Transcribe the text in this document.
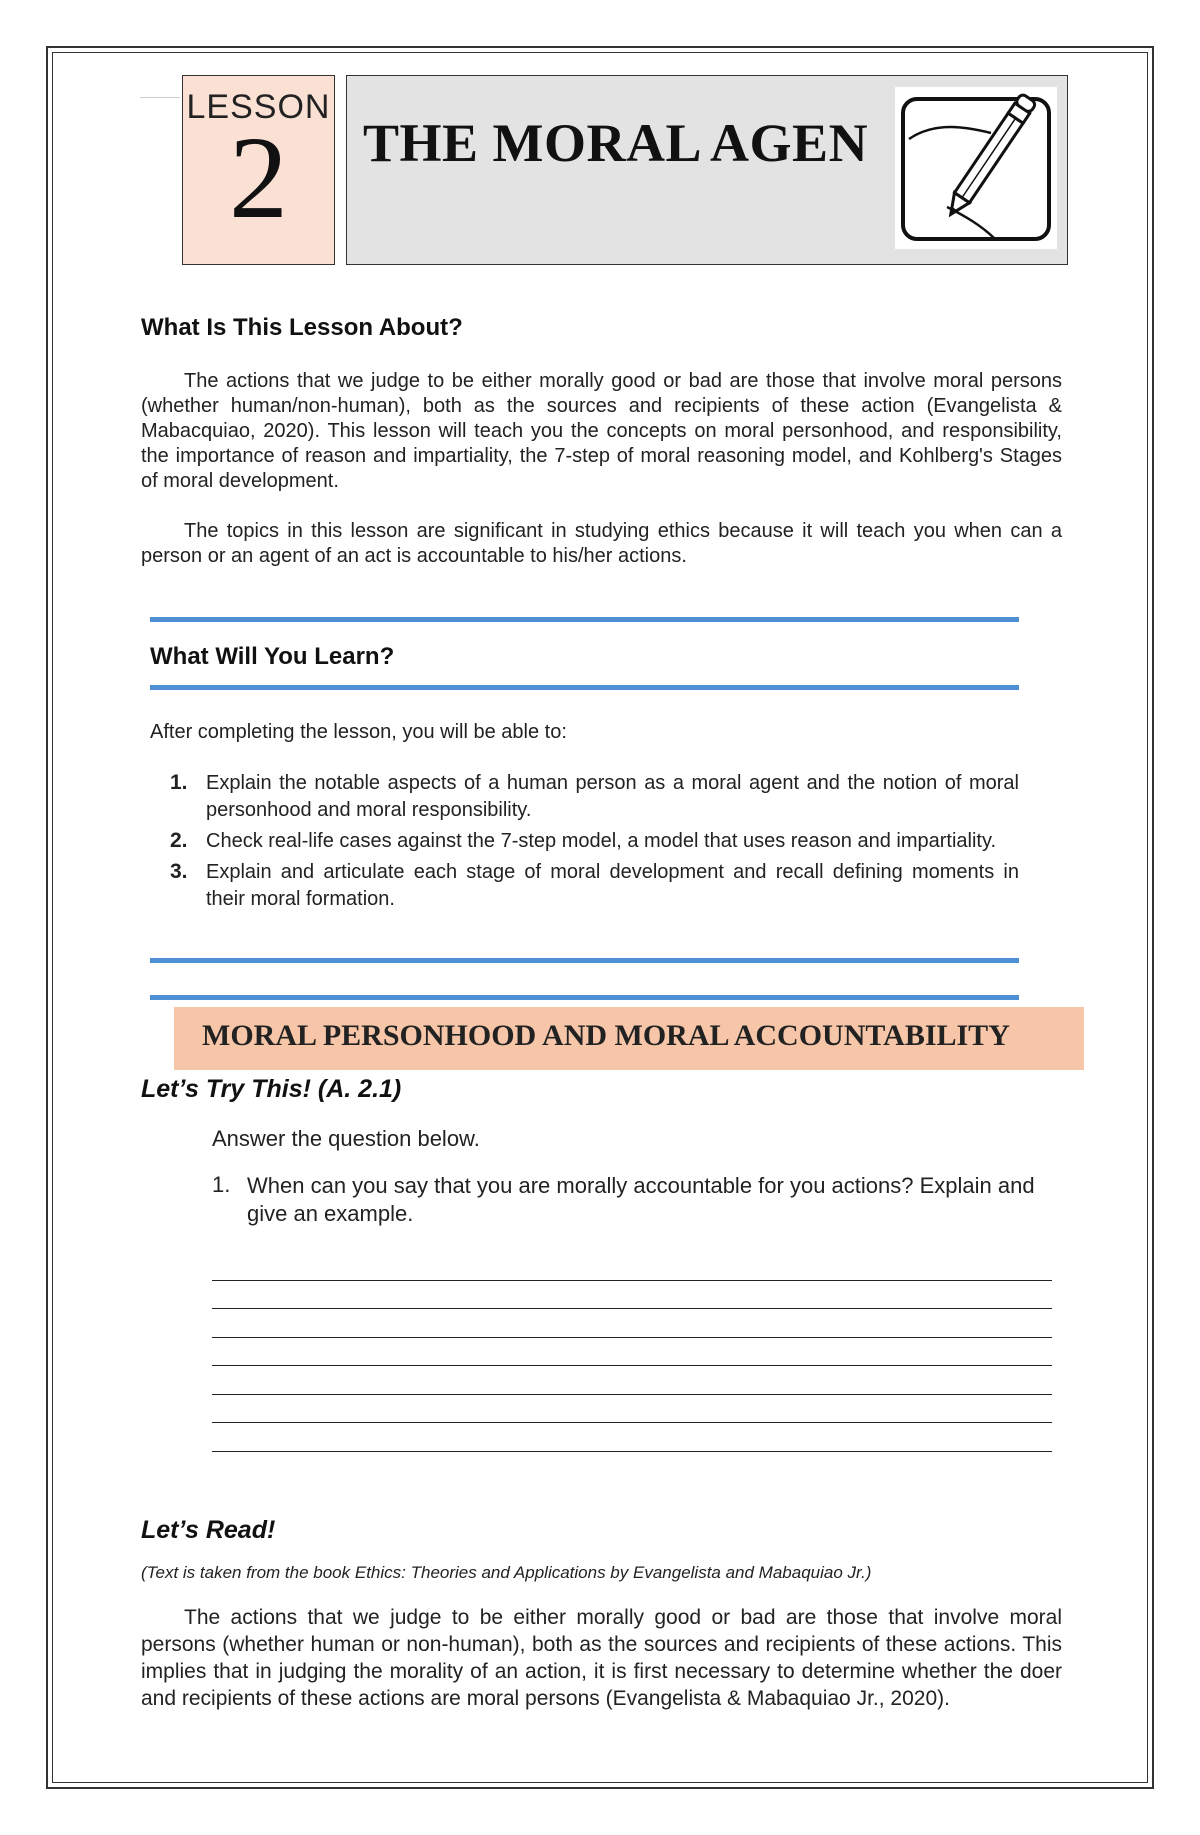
LESSON
2	THE MORAL AGEN
What Is This Lesson About?

The actions that we judge to be either morally good or bad are those that involve moral persons (whether human/non-human), both as the sources and recipients of these action (Evangelista & Mabacquiao, 2020). This lesson will teach you the concepts on moral personhood, and responsibility, the importance of reason and impartiality, the 7-step of moral reasoning model, and Kohlberg's Stages of moral development.

The topics in this lesson are significant in studying ethics because it will teach you when can a person or an agent of an act is accountable to his/her actions.

What Will You Learn?

After completing the lesson, you will be able to:

1. Explain the notable aspects of a human person as a moral agent and the notion of moral personhood and moral responsibility.
2. Check real-life cases against the 7-step model, a model that uses reason and impartiality.
3. Explain and articulate each stage of moral development and recall defining moments in their moral formation.
MORAL PERSONHOOD AND MORAL ACCOUNTABILITY
Let’s Try This! (A. 2.1)

Answer the question below.

1. When can you say that you are morally accountable for you actions? Explain and give an example.

Let’s Read!

(Text is taken from the book Ethics: Theories and Applications by Evangelista and Mabaquiao Jr.)

The actions that we judge to be either morally good or bad are those that involve moral persons (whether human or non-human), both as the sources and recipients of these actions. This implies that in judging the morality of an action, it is first necessary to determine whether the doer and recipients of these actions are moral persons (Evangelista & Mabaquiao Jr., 2020).
